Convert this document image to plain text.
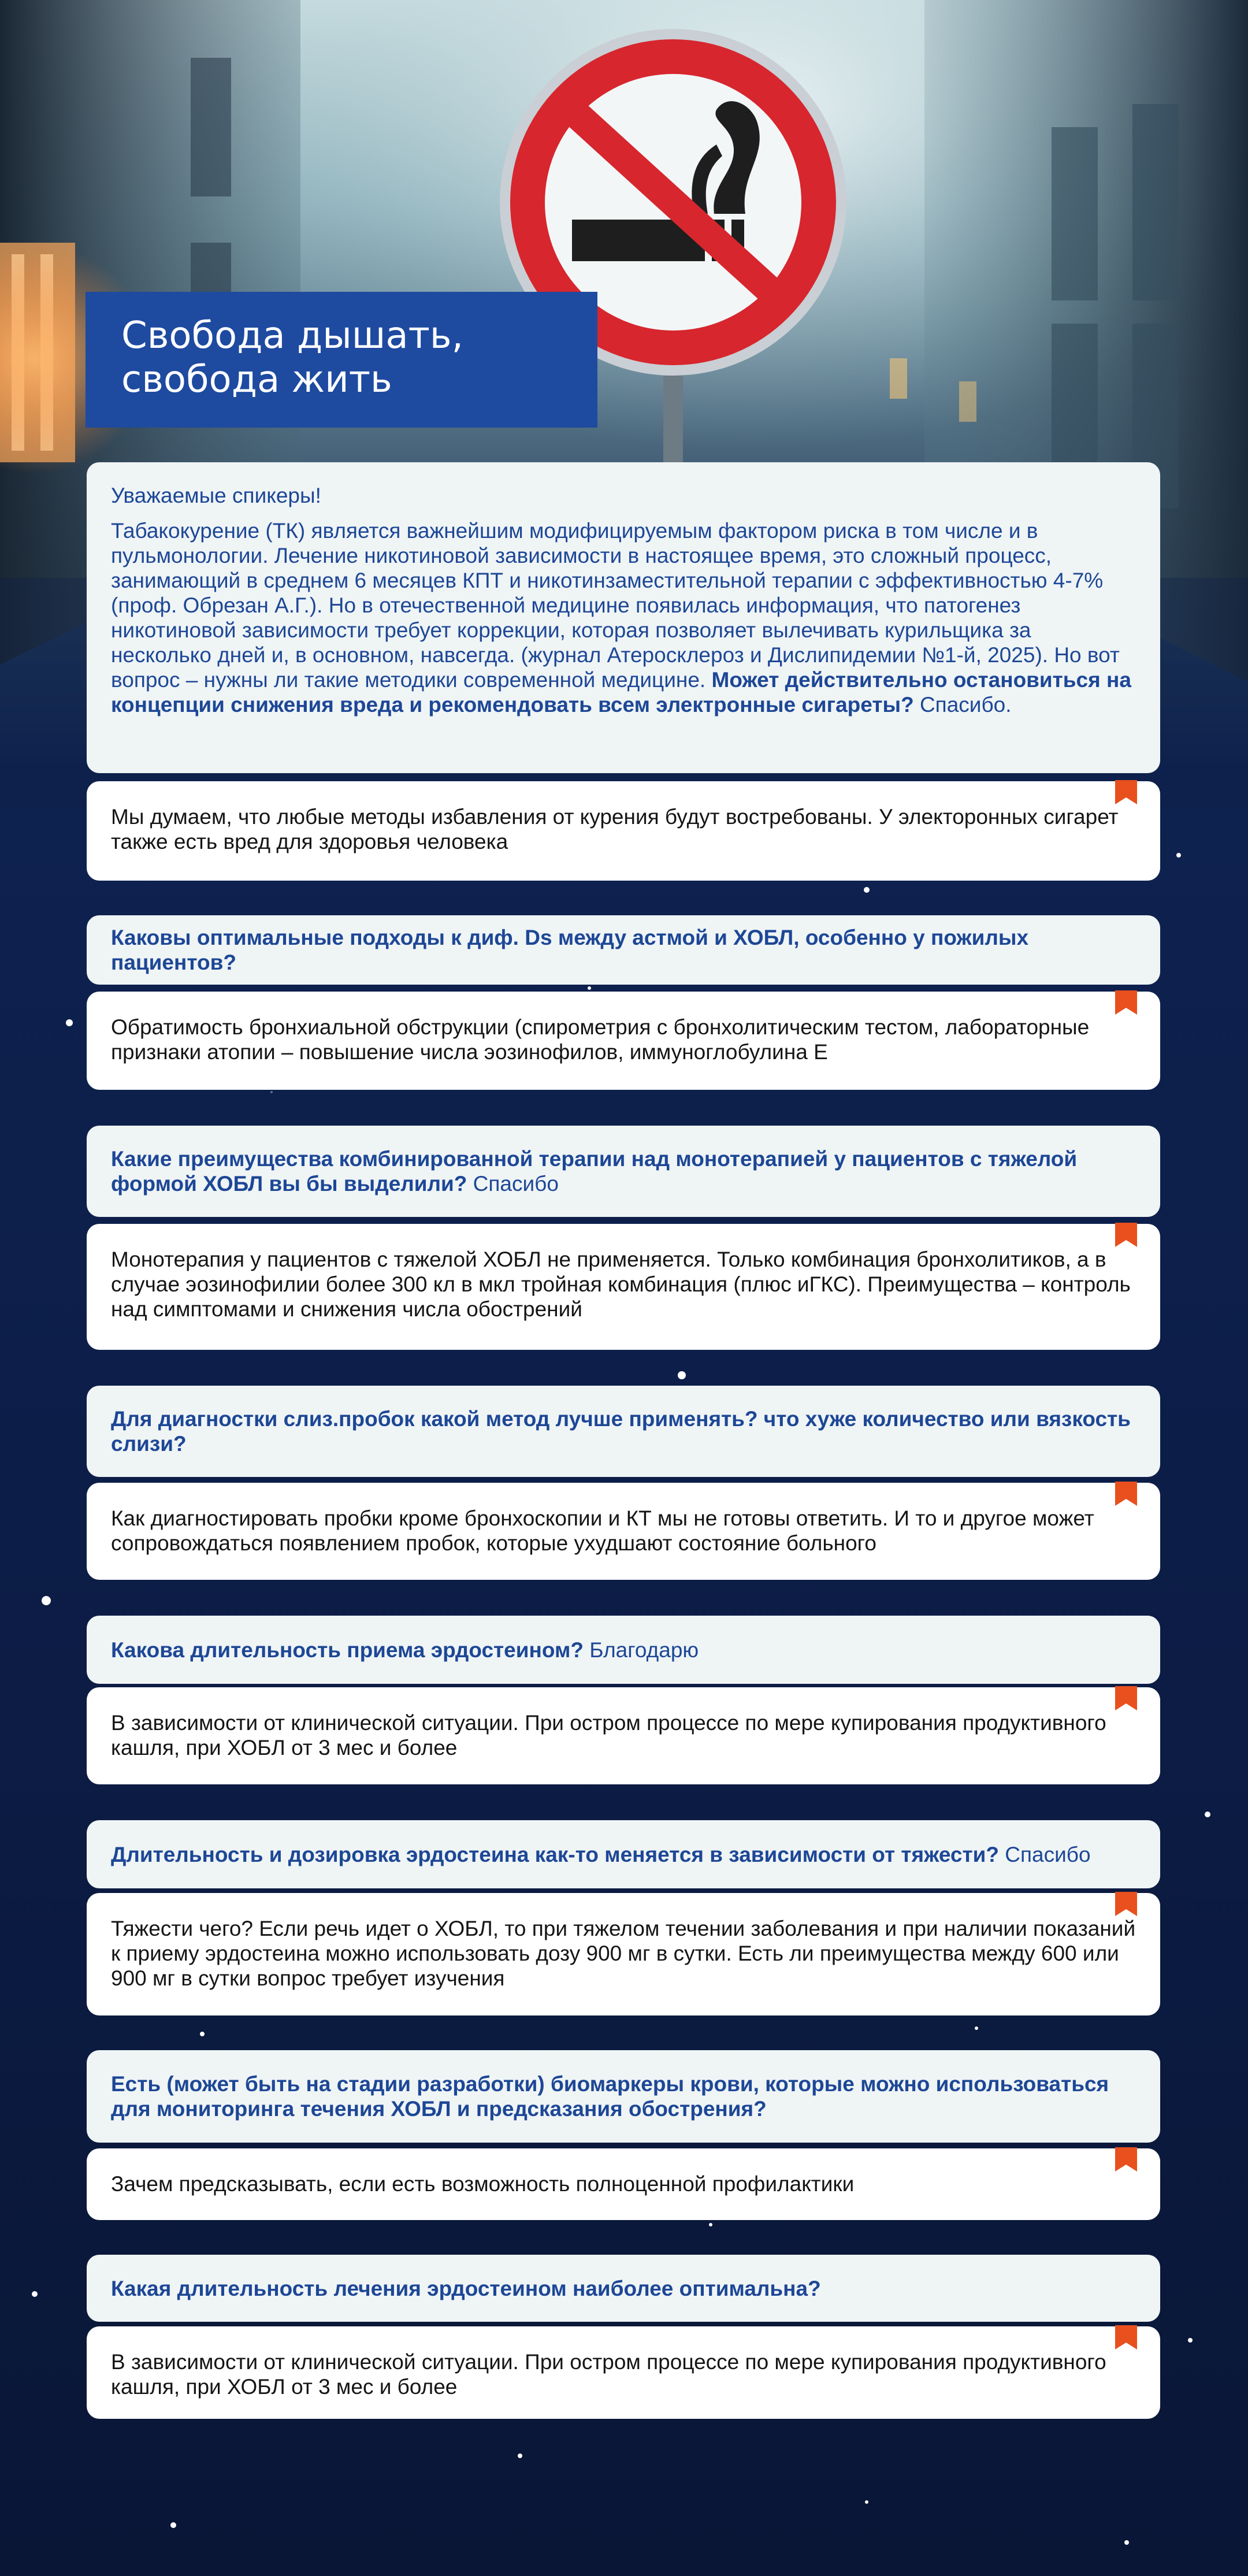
Свобода дышать,
свобода жить

Уважаемые спикеры!

Табакокурение (ТК) является важнейшим модифицируемым фактором риска в том числе и в пульмонологии. Лечение никотиновой зависимости в настоящее время, это сложный процесс, занимающий в среднем 6 месяцев КПТ и никотинзаместительной терапии с эффективностью 4-7% (проф. Обрезан А.Г.). Но в отечественной медицине появилась информация, что патогенез никотиновой зависимости требует коррекции, которая позволяет вылечивать курильщика за несколько дней и, в основном, навсегда. (журнал Атеросклероз и Дислипидемии №1-й, 2025). Но вот вопрос – нужны ли такие методики современной медицине. Может действительно остановиться на концепции снижения вреда и рекомендовать всем электронные сигареты? Спасибо.

Мы думаем, что любые методы избавления от курения будут востребованы. У электоронных сигарет также есть вред для здоровья человека

Каковы оптимальные подходы к диф. Ds между астмой и ХОБЛ, особенно у пожилых пациентов?

Обратимость бронхиальной обструкции (спирометрия с бронхолитическим тестом, лабораторные признаки атопии – повышение числа эозинофилов, иммуноглобулина Е

Какие преимущества комбинированной терапии над монотерапией у пациентов с тяжелой формой ХОБЛ вы бы выделили? Спасибо

Монотерапия у пациентов с тяжелой ХОБЛ не применяется. Только комбинация бронхолитиков, а в случае эозинофилии более 300 кл в мкл тройная комбинация (плюс иГКС). Преимущества – контроль над симптомами и снижения числа обострений

Для диагностки слиз.пробок какой метод лучше применять? что хуже количество или вязкость слизи?

Как диагностировать пробки кроме бронхоскопии и КТ мы не готовы ответить. И то и другое может сопровождаться появлением пробок, которые ухудшают состояние больного

Какова длительность приема эрдостеином? Благодарю

В зависимости от клинической ситуации. При остром процессе по мере купирования продуктивного кашля, при ХОБЛ от 3 мес и более

Длительность и дозировка эрдостеина как-то меняется в зависимости от тяжести? Спасибо

Тяжести чего? Если речь идет о ХОБЛ, то при тяжелом течении заболевания и при наличии показаний к приему эрдостеина можно использовать дозу 900 мг в сутки. Есть ли преимущества между 600 или 900 мг в сутки вопрос требует изучения

Есть (может быть на стадии разработки) биомаркеры крови, которые можно использоваться для мониторинга течения ХОБЛ и предсказания обострения?

Зачем предсказывать, если есть возможность полноценной профилактики

Какая длительность лечения эрдостеином наиболее оптимальна?

В зависимости от клинической ситуации. При остром процессе по мере купирования продуктивного кашля, при ХОБЛ от 3 мес и более
